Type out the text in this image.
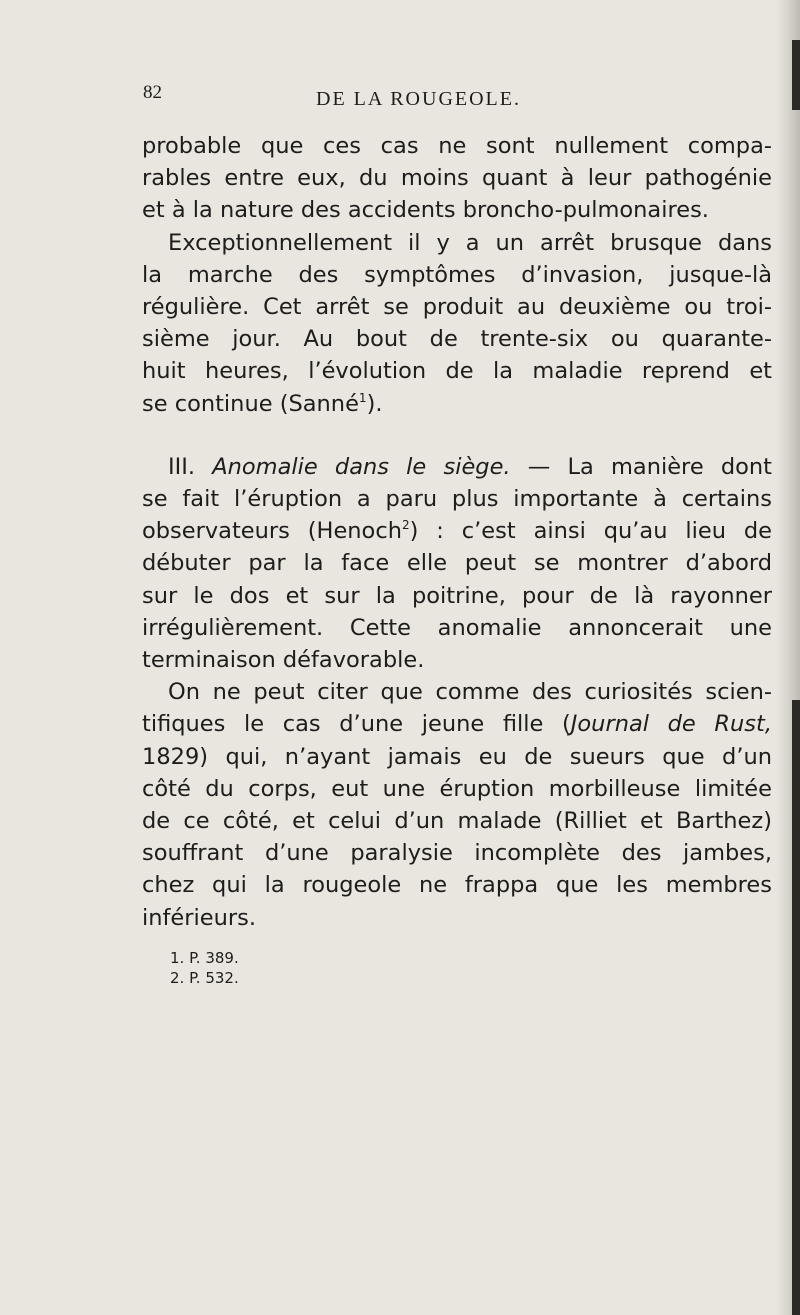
82	DE LA ROUGEOLE.

probable que ces cas ne sont nullement compa-

rables entre eux, du moins quant à leur pathogénie

et à la nature des accidents broncho-pulmonaires.

Exceptionnellement il y a un arrêt brusque dans

la marche des symptômes d’invasion, jusque-là

régulière. Cet arrêt se produit au deuxième ou troi-

sième jour. Au bout de trente-six ou quarante-

huit heures, l’évolution de la maladie reprend et

se continue (Sanné$^1$).

III. Anomalie dans le siège. — La manière dont

se fait l’éruption a paru plus importante à certains

observateurs (Henoch$^2$) : c’est ainsi qu’au lieu de

débuter par la face elle peut se montrer d’abord

sur le dos et sur la poitrine, pour de là rayonner

irrégulièrement. Cette anomalie annoncerait une

terminaison défavorable.

On ne peut citer que comme des curiosités scien-

tifiques le cas d’une jeune fille (Journal de Rust,

1829) qui, n’ayant jamais eu de sueurs que d’un

côté du corps, eut une éruption morbilleuse limitée

de ce côté, et celui d’un malade (Rilliet et Barthez)

souffrant d’une paralysie incomplète des jambes,

chez qui la rougeole ne frappa que les membres

inférieurs.

1. P. 389.
2. P. 532.
